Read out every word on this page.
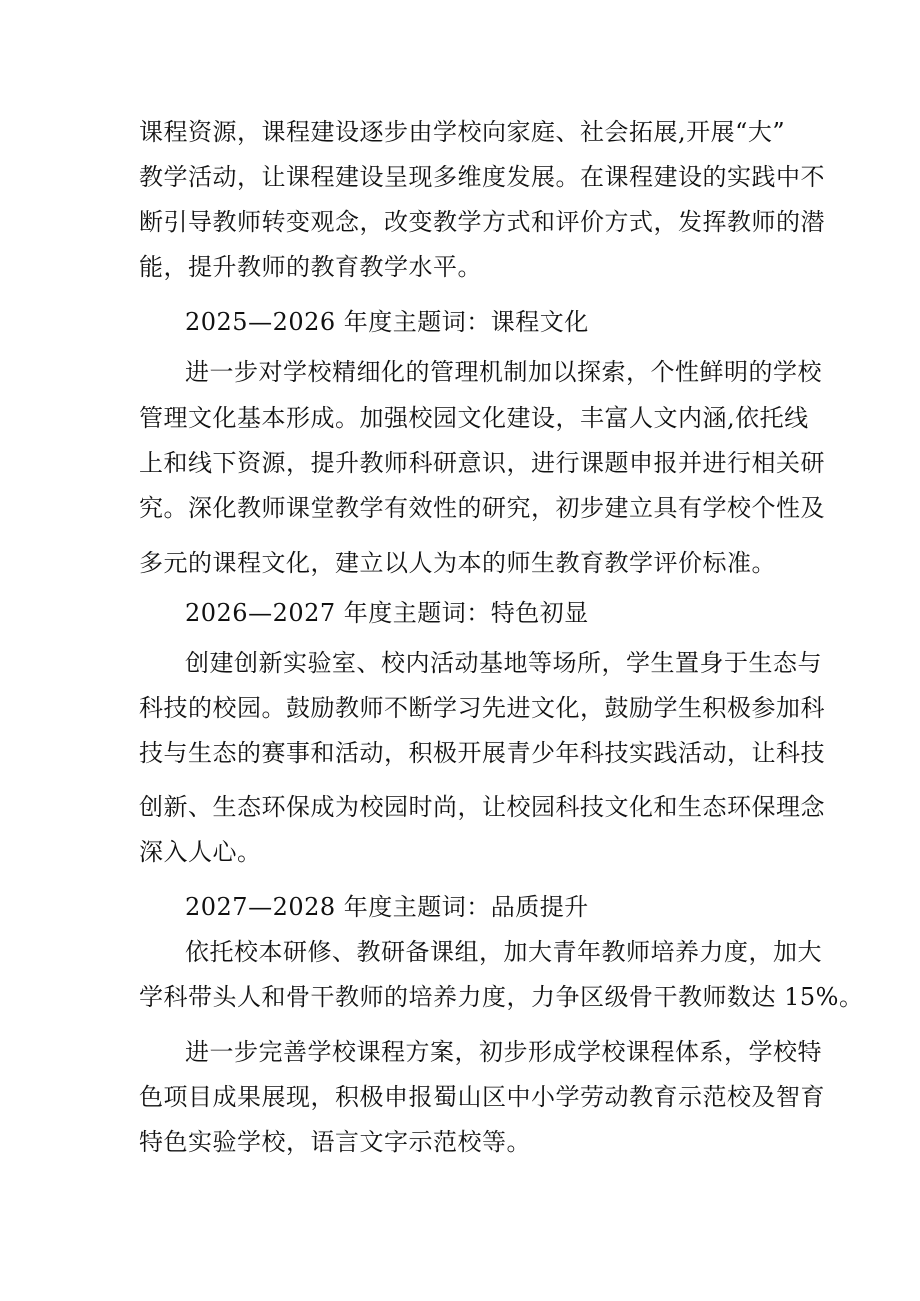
课程资源，课程建设逐步由学校向家庭、社会拓展,开展“大”
教学活动，让课程建设呈现多维度发展。在课程建设的实践中不
断引导教师转变观念，改变教学方式和评价方式，发挥教师的潜
能，提升教师的教育教学水平。
2025—2026 年度主题词：课程文化
进一步对学校精细化的管理机制加以探索，个性鲜明的学校
管理文化基本形成。加强校园文化建设，丰富人文内涵,依托线
上和线下资源，提升教师科研意识，进行课题申报并进行相关研
究。深化教师课堂教学有效性的研究，初步建立具有学校个性及
多元的课程文化，建立以人为本的师生教育教学评价标准。
2026—2027 年度主题词：特色初显
创建创新实验室、校内活动基地等场所，学生置身于生态与
科技的校园。鼓励教师不断学习先进文化，鼓励学生积极参加科
技与生态的赛事和活动，积极开展青少年科技实践活动，让科技
创新、生态环保成为校园时尚，让校园科技文化和生态环保理念
深入人心。
2027—2028 年度主题词：品质提升
依托校本研修、教研备课组，加大青年教师培养力度，加大
学科带头人和骨干教师的培养力度，力争区级骨干教师数达 15%。
进一步完善学校课程方案，初步形成学校课程体系，学校特
色项目成果展现，积极申报蜀山区中小学劳动教育示范校及智育
特色实验学校，语言文字示范校等。
